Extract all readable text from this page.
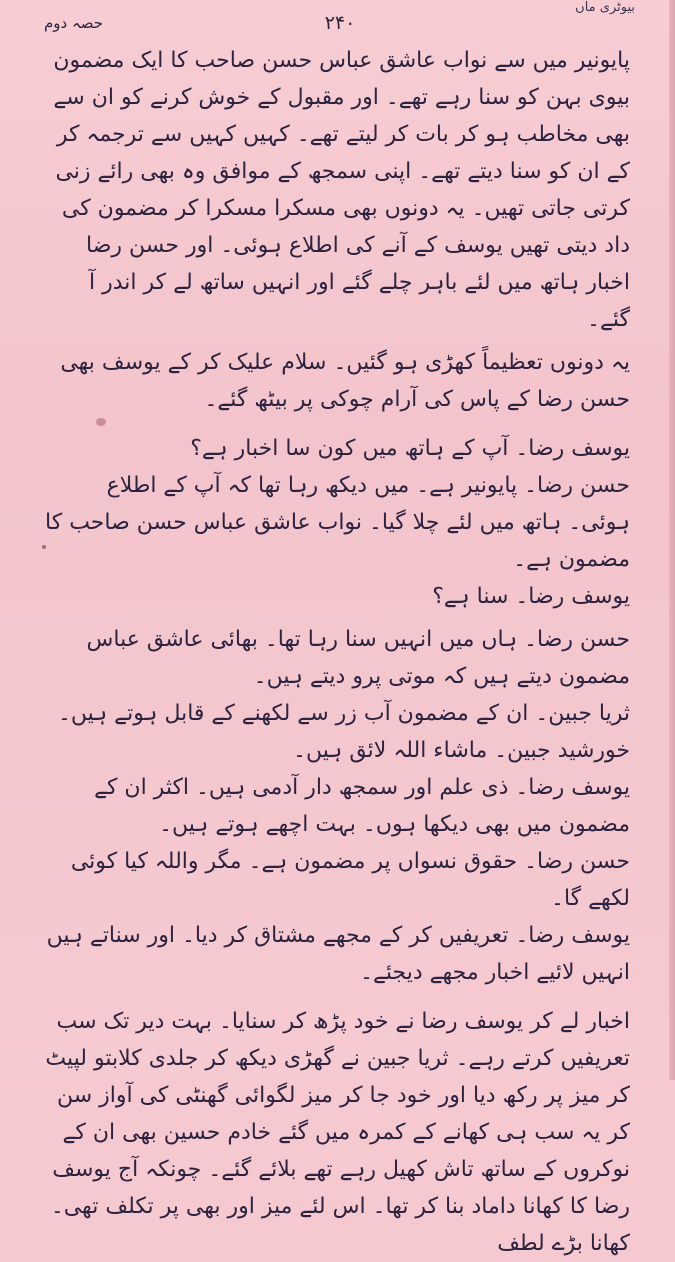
حصہ دوم	۲۴۰
بیوٹری ماں

پایونیر میں سے نواب عاشق عباس حسن صاحب کا ایک مضمون بیوی بہن کو سنا رہے تھے۔ اور مقبول کے خوش کرنے کو ان سے بھی مخاطب ہو کر بات کر لیتے تھے۔ کہیں کہیں سے ترجمہ کر کے ان کو سنا دیتے تھے۔ اپنی سمجھ کے موافق وہ بھی رائے زنی کرتی جاتی تھیں۔ یہ دونوں بھی مسکرا مسکرا کر مضمون کی داد دیتی تھیں یوسف کے آنے کی اطلاع ہوئی۔ اور حسن رضا اخبار ہاتھ میں لئے باہر چلے گئے اور انہیں ساتھ لے کر اندر آ گئے۔

یہ دونوں تعظیماً کھڑی ہو گئیں۔ سلام علیک کر کے یوسف بھی حسن رضا کے پاس کی آرام چوکی پر بیٹھ گئے۔

یوسف رضا۔ آپ کے ہاتھ میں کون سا اخبار ہے؟

حسن رضا۔ پایونیر ہے۔ میں دیکھ رہا تھا کہ آپ کے اطلاع ہوئی۔ ہاتھ میں لئے چلا گیا۔ نواب عاشق عباس حسن صاحب کا مضمون ہے۔

یوسف رضا۔ سنا ہے؟

حسن رضا۔ ہاں میں انہیں سنا رہا تھا۔ بھائی عاشق عباس مضمون دیتے ہیں کہ موتی پرو دیتے ہیں۔

ثریا جبین۔ ان کے مضمون آب زر سے لکھنے کے قابل ہوتے ہیں۔

خورشید جبین۔ ماشاء اللہ لائق ہیں۔

یوسف رضا۔ ذی علم اور سمجھ دار آدمی ہیں۔ اکثر ان کے مضمون میں بھی دیکھا ہوں۔ بہت اچھے ہوتے ہیں۔

حسن رضا۔ حقوق نسواں پر مضمون ہے۔ مگر واللہ کیا کوئی لکھے گا۔

یوسف رضا۔ تعریفیں کر کے مجھے مشتاق کر دیا۔ اور سناتے ہیں انہیں لائیے اخبار مجھے دیجئے۔

اخبار لے کر یوسف رضا نے خود پڑھ کر سنایا۔ بہت دیر تک سب تعریفیں کرتے رہے۔ ثریا جبین نے گھڑی دیکھ کر جلدی کلابتو لپیٹ کر میز پر رکھ دیا اور خود جا کر میز لگوائی گھنٹی کی آواز سن کر یہ سب ہی کھانے کے کمرہ میں گئے خادم حسین بھی ان کے نوکروں کے ساتھ تاش کھیل رہے تھے بلائے گئے۔ چونکہ آج یوسف رضا کا کھانا داماد بنا کر تھا۔ اس لئے میز اور بھی پر تکلف تھی۔ کھانا بڑے لطف
